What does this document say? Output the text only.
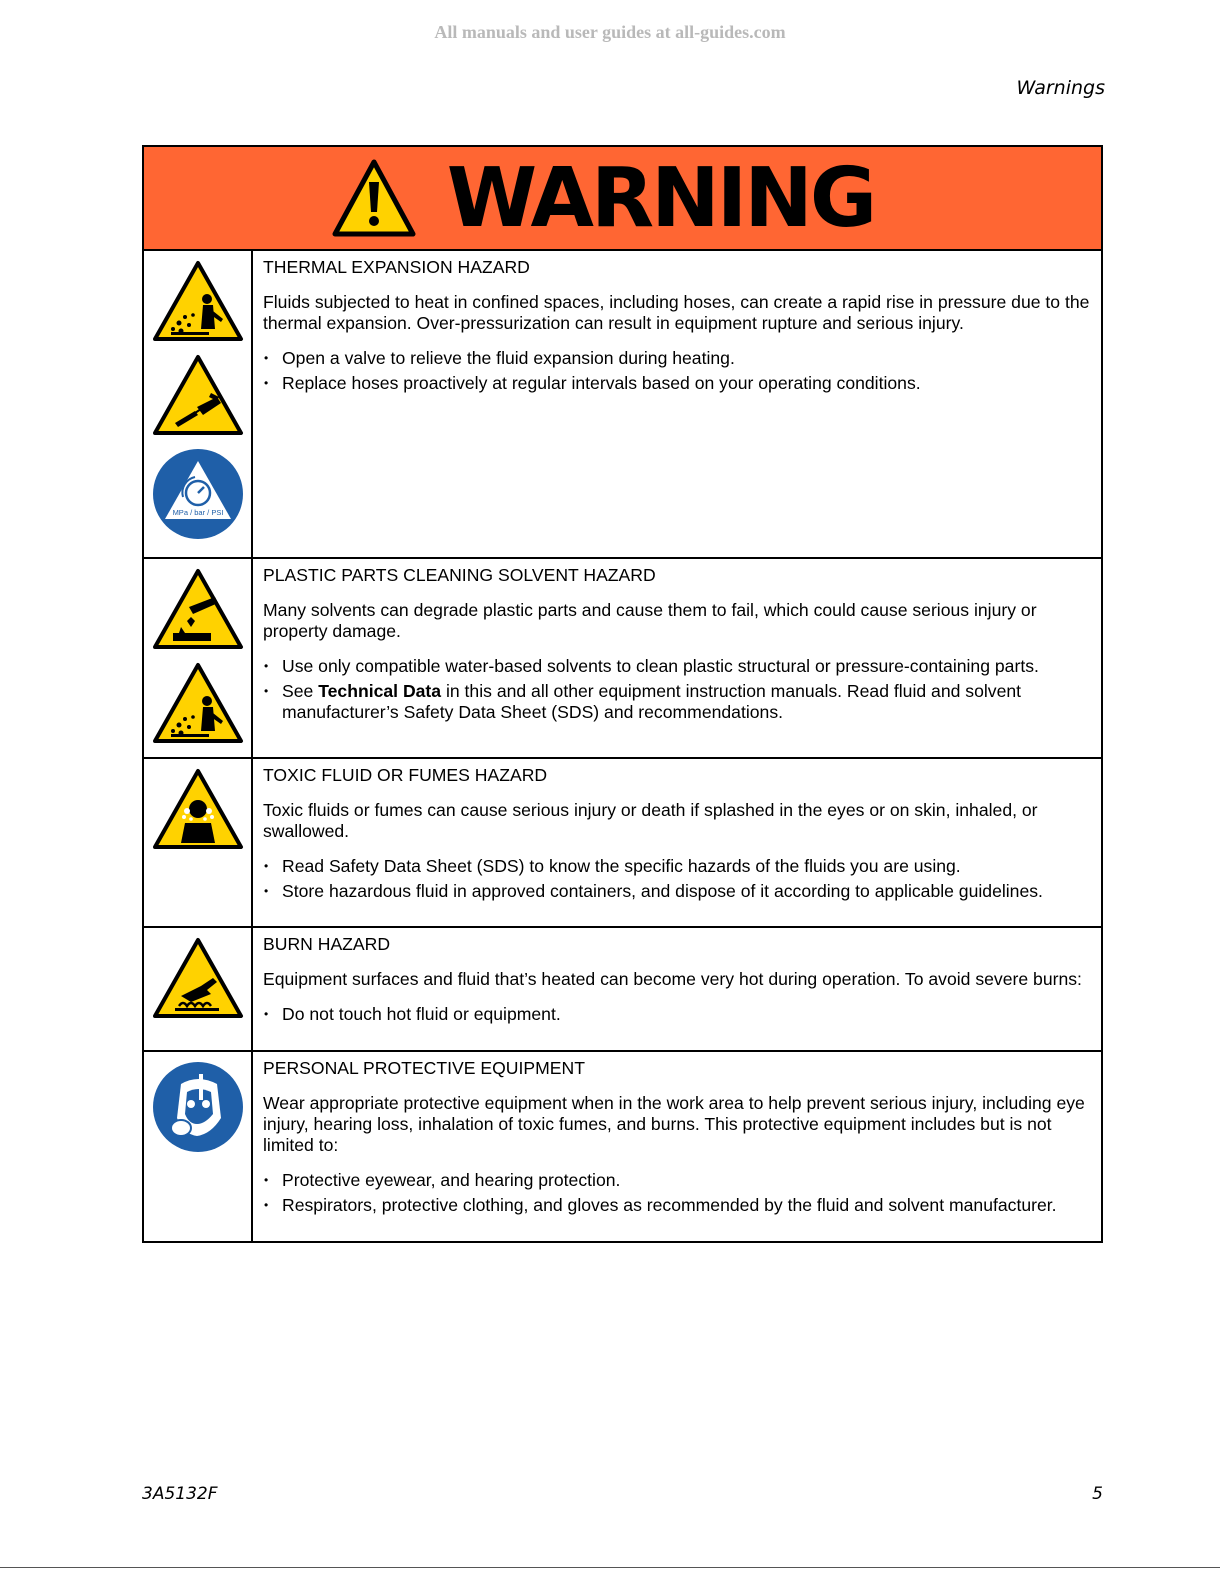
All manuals and user guides at all-guides.com
Warnings
WARNING
MPa / bar / PSI
THERMAL EXPANSION HAZARD

Fluids subjected to heat in confined spaces, including hoses, can create a rapid rise in pressure due to the thermal expansion. Over-pressurization can result in equipment rupture and serious injury.

• Open a valve to relieve the fluid expansion during heating.
• Replace hoses proactively at regular intervals based on your operating conditions.
PLASTIC PARTS CLEANING SOLVENT HAZARD

Many solvents can degrade plastic parts and cause them to fail, which could cause serious injury or property damage.

• Use only compatible water-based solvents to clean plastic structural or pressure-containing parts.
• See Technical Data in this and all other equipment instruction manuals. Read fluid and solvent manufacturer’s Safety Data Sheet (SDS) and recommendations.
TOXIC FLUID OR FUMES HAZARD

Toxic fluids or fumes can cause serious injury or death if splashed in the eyes or on skin, inhaled, or swallowed.

• Read Safety Data Sheet (SDS) to know the specific hazards of the fluids you are using.
• Store hazardous fluid in approved containers, and dispose of it according to applicable guidelines.
BURN HAZARD

Equipment surfaces and fluid that’s heated can become very hot during operation. To avoid severe burns:

• Do not touch hot fluid or equipment.
PERSONAL PROTECTIVE EQUIPMENT

Wear appropriate protective equipment when in the work area to help prevent serious injury, including eye injury, hearing loss, inhalation of toxic fumes, and burns. This protective equipment includes but is not limited to:

• Protective eyewear, and hearing protection.
• Respirators, protective clothing, and gloves as recommended by the fluid and solvent manufacturer.
3A5132F	5
